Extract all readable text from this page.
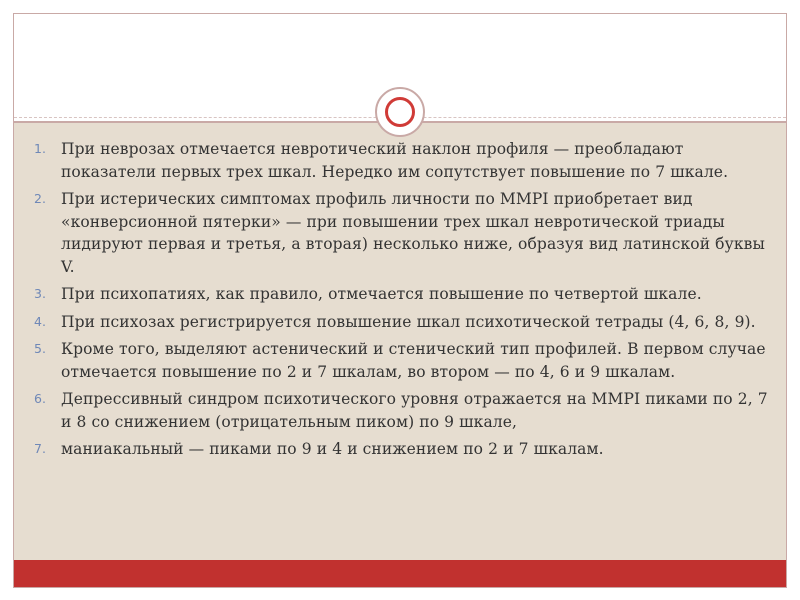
1. При неврозах отмечается невротический наклон профиля — преобладают показатели первых трех шкал. Нередко им сопутствует повышение по 7 шкале.
2. При истерических симптомах профиль личности по MMPI приобретает вид «конверсионной пятерки» — при повышении трех шкал невротической триады лидируют первая и третья, а вторая) несколько ниже, образуя вид латинской буквы V.
3. При психопатиях, как правило, отмечается повышение по четвертой шкале.
4. При психозах регистрируется повышение шкал психотической тетрады (4, 6, 8, 9).
5. Кроме того, выделяют астенический и стенический тип профилей. В первом случае отмечается повышение по 2 и 7 шкалам, во втором — по 4, 6 и 9 шкалам.
6. Депрессивный синдром психотического уровня отражается на MMPI пиками по 2, 7 и 8 со снижением (отрицательным пиком) по 9 шкале,
7. маниакальный — пиками по 9 и 4 и снижением по 2 и 7 шкалам.
